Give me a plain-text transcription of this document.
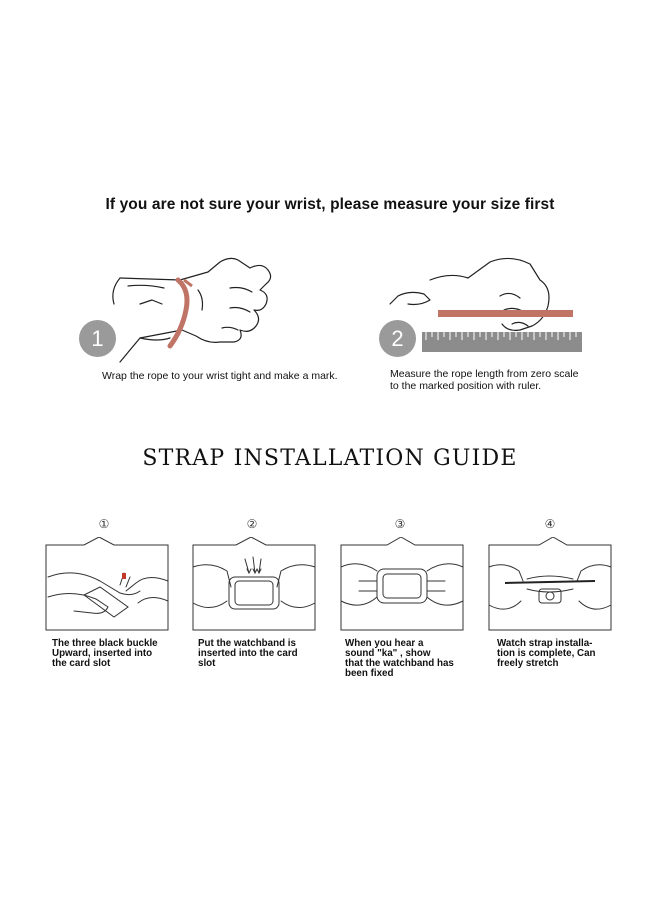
If you are not sure your wrist, please measure your size first
1
Wrap the rope to your wrist tight and make a mark.
2
Measure the rope length from zero scale
to the marked position with ruler.
STRAP INSTALLATION GUIDE
①	②	③	④
The three black buckle
Upward, inserted into
the card slot
Put the watchband is
inserted into the card
slot
When you hear a
sound "ka" , show
that the watchband has
been fixed
Watch strap installa-
tion is complete, Can
freely stretch
